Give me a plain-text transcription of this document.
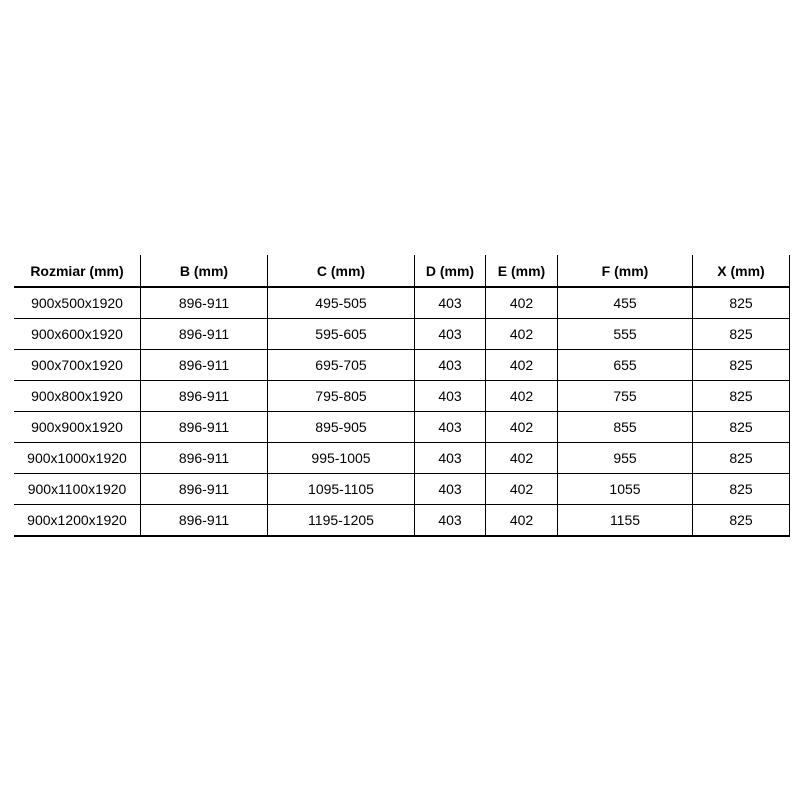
Rozmiar (mm)	B (mm)	C (mm)	D (mm)	E (mm)	F (mm)	X (mm)
900x500x1920	896-911	495-505	403	402	455	825
900x600x1920	896-911	595-605	403	402	555	825
900x700x1920	896-911	695-705	403	402	655	825
900x800x1920	896-911	795-805	403	402	755	825
900x900x1920	896-911	895-905	403	402	855	825
900x1000x1920	896-911	995-1005	403	402	955	825
900x1100x1920	896-911	1095-1105	403	402	1055	825
900x1200x1920	896-911	1195-1205	403	402	1155	825
